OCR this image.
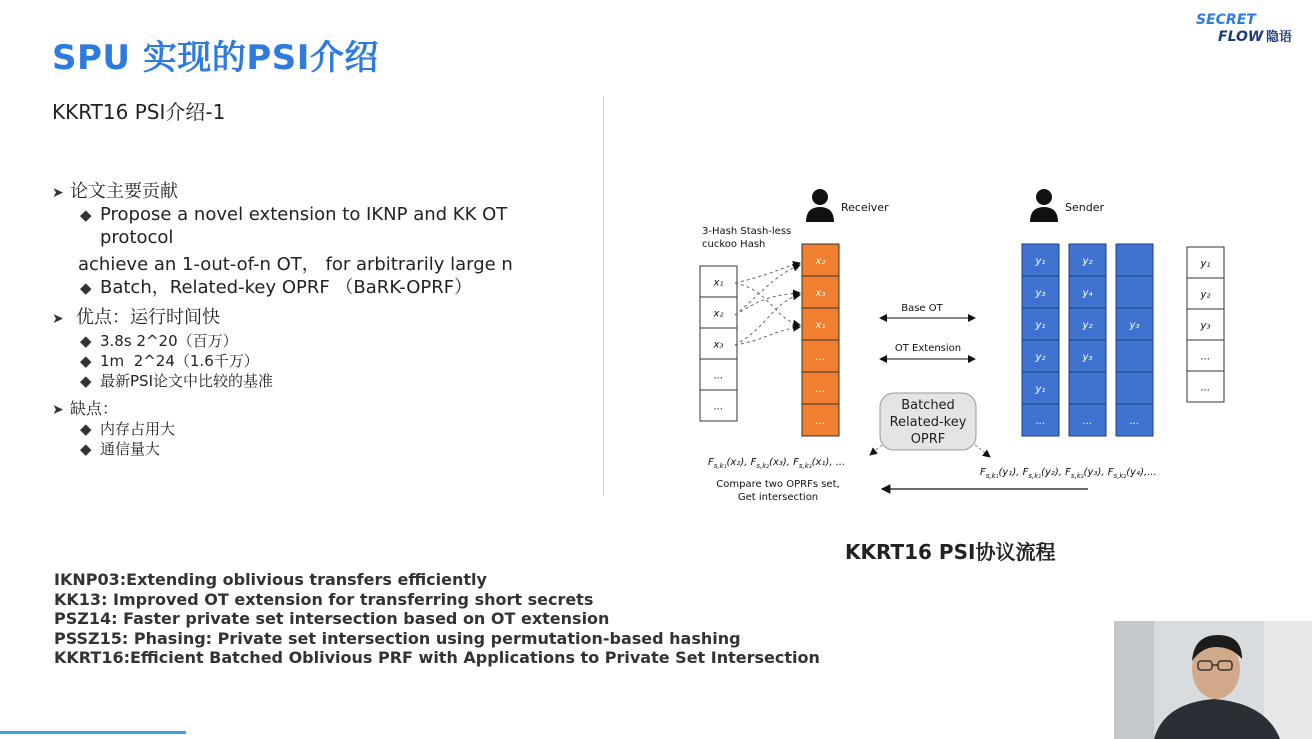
SPU 实现的PSI介绍
SECRET
FLOW 隐语
KKRT16 PSI介绍-1
➤ 论文主要贡献
◆ Propose a novel extension to IKNP and KK OT
protocol
achieve an 1-out-of-n OT， for arbitrarily large n
◆ Batch，Related-key OPRF （BaRK-OPRF）
➤ 优点：运行时间快
◆ 3.8s 2^20（百万）
◆ 1m  2^24（1.6千万）
◆ 最新PSI论文中比较的基准
➤ 缺点：
◆ 内存占用大
◆ 通信量大
Receiver	Sender
3-Hash Stash-less
cuckoo Hash
x₁
x₂
x₃
...
...
x₂
x₃
x₁
...
...
...
y₁
y₃
y₁
y₂
y₁
...
y₂
y₄
y₂
y₃
...
y₃
...
y₁
y₂
y₃
...
...
Base OT
OT Extension
Batched
Related-key
OPRF
$F_{s,k_1}(x_2)$, $F_{s,k_2}(x_3)$, $F_{s,k_3}(x_1)$, ...
$F_{s,k_1}(y_1)$, $F_{s,k_1}(y_2)$, $F_{s,k_2}(y_3)$, $F_{s,k_2}(y_4)$,...
Compare two OPRFs set,
Get intersection
KKRT16 PSI协议流程
IKNP03:Extending oblivious transfers efficiently
KK13: Improved OT extension for transferring short secrets
PSZ14: Faster private set intersection based on OT extension
PSSZ15: Phasing: Private set intersection using permutation-based hashing
KKRT16:Efficient Batched Oblivious PRF with Applications to Private Set Intersection
